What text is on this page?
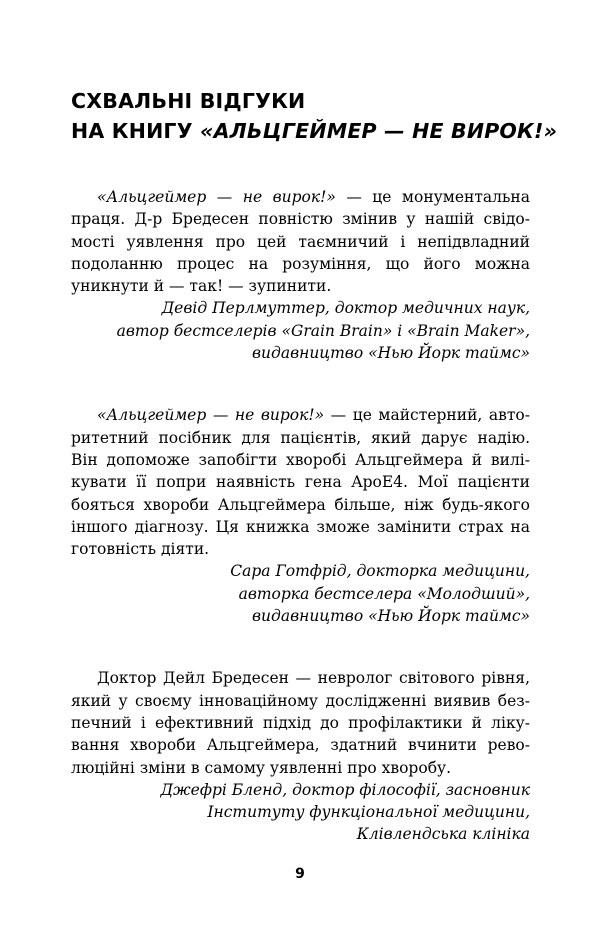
СХВАЛЬНІ ВІДГУКИ
НА КНИГУ «АЛЬЦГЕЙМЕР — НЕ ВИРОК!»

«Альцгеймер — не вирок!» — це монументальна
праця. Д-р Бредесен повністю змінив у нашій свідо-
мості уявлення про цей таємничий і непідвладний
подоланню процес на розуміння, що його можна
уникнути й — так! — зупинити.

Девід Перлмуттер, доктор медичних наук,
автор бестселерів «Grain Brain» і «Brain Maker»,
видавництво «Нью Йорк таймс»

«Альцгеймер — не вирок!» — це майстерний, авто-
ритетний посібник для пацієнтів, який дарує надію.
Він допоможе запобігти хворобі Альцгеймера й вилі-
кувати її попри наявність гена ApoE4. Мої пацієнти
бояться хвороби Альцгеймера більше, ніж будь-якого
іншого діагнозу. Ця книжка зможе замінити страх на
готовність діяти.

Сара Готфрід, докторка медицини,
авторка бестселера «Молодший»,
видавництво «Нью Йорк таймс»

Доктор Дейл Бредесен — невролог світового рівня,
який у своєму інноваційному дослідженні виявив без-
печний і ефективний підхід до профілактики й ліку-
вання хвороби Альцгеймера, здатний вчинити рево-
люційні зміни в самому уявленні про хворобу.

Джефрі Бленд, доктор філософії, засновник
Інституту функціональної медицини,
Клівлендська клініка

9
